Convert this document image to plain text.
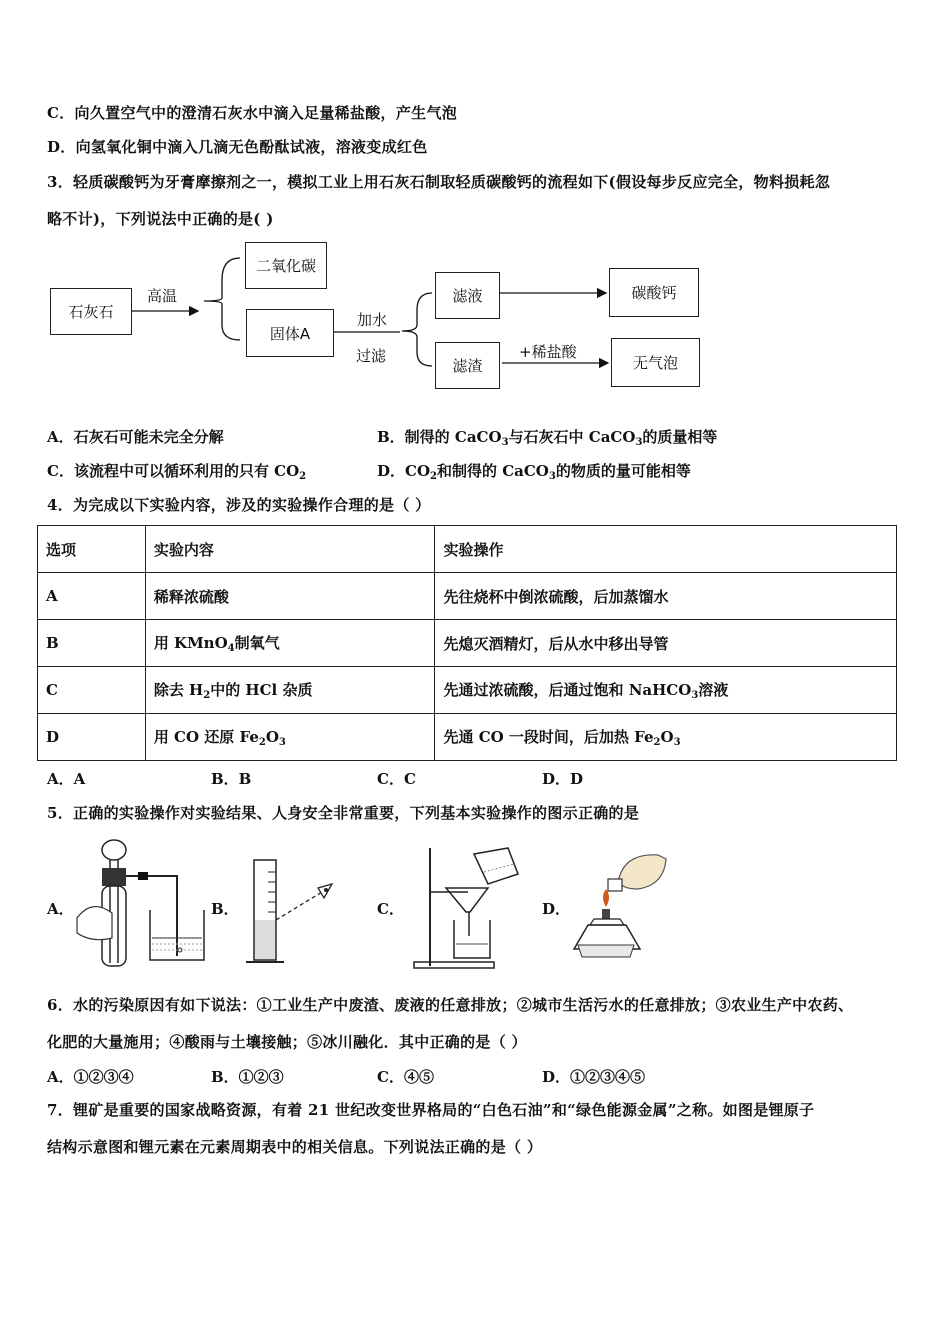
C．向久置空气中的澄清石灰水中滴入足量稀盐酸，产生气泡
D．向氢氧化铜中滴入几滴无色酚酞试液，溶液变成红色
3．轻质碳酸钙为牙膏摩擦剂之一，模拟工业上用石灰石制取轻质碳酸钙的流程如下(假设每步反应完全，物料损耗忽
略不计)，下列说法中正确的是( )
石灰石
高温
二氧化碳
固体A
加水
过滤
滤液
滤渣
碳酸钙
+稀盐酸
无气泡
A．石灰石可能未完全分解	B．制得的 CaCO$_3$与石灰石中 CaCO$_3$的质量相等
C．该流程中可以循环利用的只有 $CO_2$	D．$CO_2$和制得的 CaCO$_3$的物质的量可能相等
4．为完成以下实验内容，涉及的实验操作合理的是（ ）
选项	实验内容	实验操作
A	稀释浓硫酸	先往烧杯中倒浓硫酸，后加蒸馏水
B	用 KMnO$_4$制氧气	先熄灭酒精灯，后从水中移出导管
C	除去 $H_2$中的 HCl 杂质	先通过浓硫酸，后通过饱和 NaHCO$_3$溶液
D	用 CO 还原 $Fe_2O_3$	先通 CO 一段时间，后加热 $Fe_2O_3$
A．A	B．B	C．C	D．D
5．正确的实验操作对实验结果、人身安全非常重要，下列基本实验操作的图示正确的是
A．	B．	C．	D．
6．水的污染原因有如下说法：①工业生产中废渣、废液的任意排放；②城市生活污水的任意排放；③农业生产中农药、
化肥的大量施用；④酸雨与土壤接触；⑤冰川融化．其中正确的是（ ）
A．①②③④	B．①②③	C．④⑤	D．①②③④⑤
7．锂矿是重要的国家战略资源，有着 21 世纪改变世界格局的“白色石油”和“绿色能源金属”之称。如图是锂原子
结构示意图和锂元素在元素周期表中的相关信息。下列说法正确的是（ ）
